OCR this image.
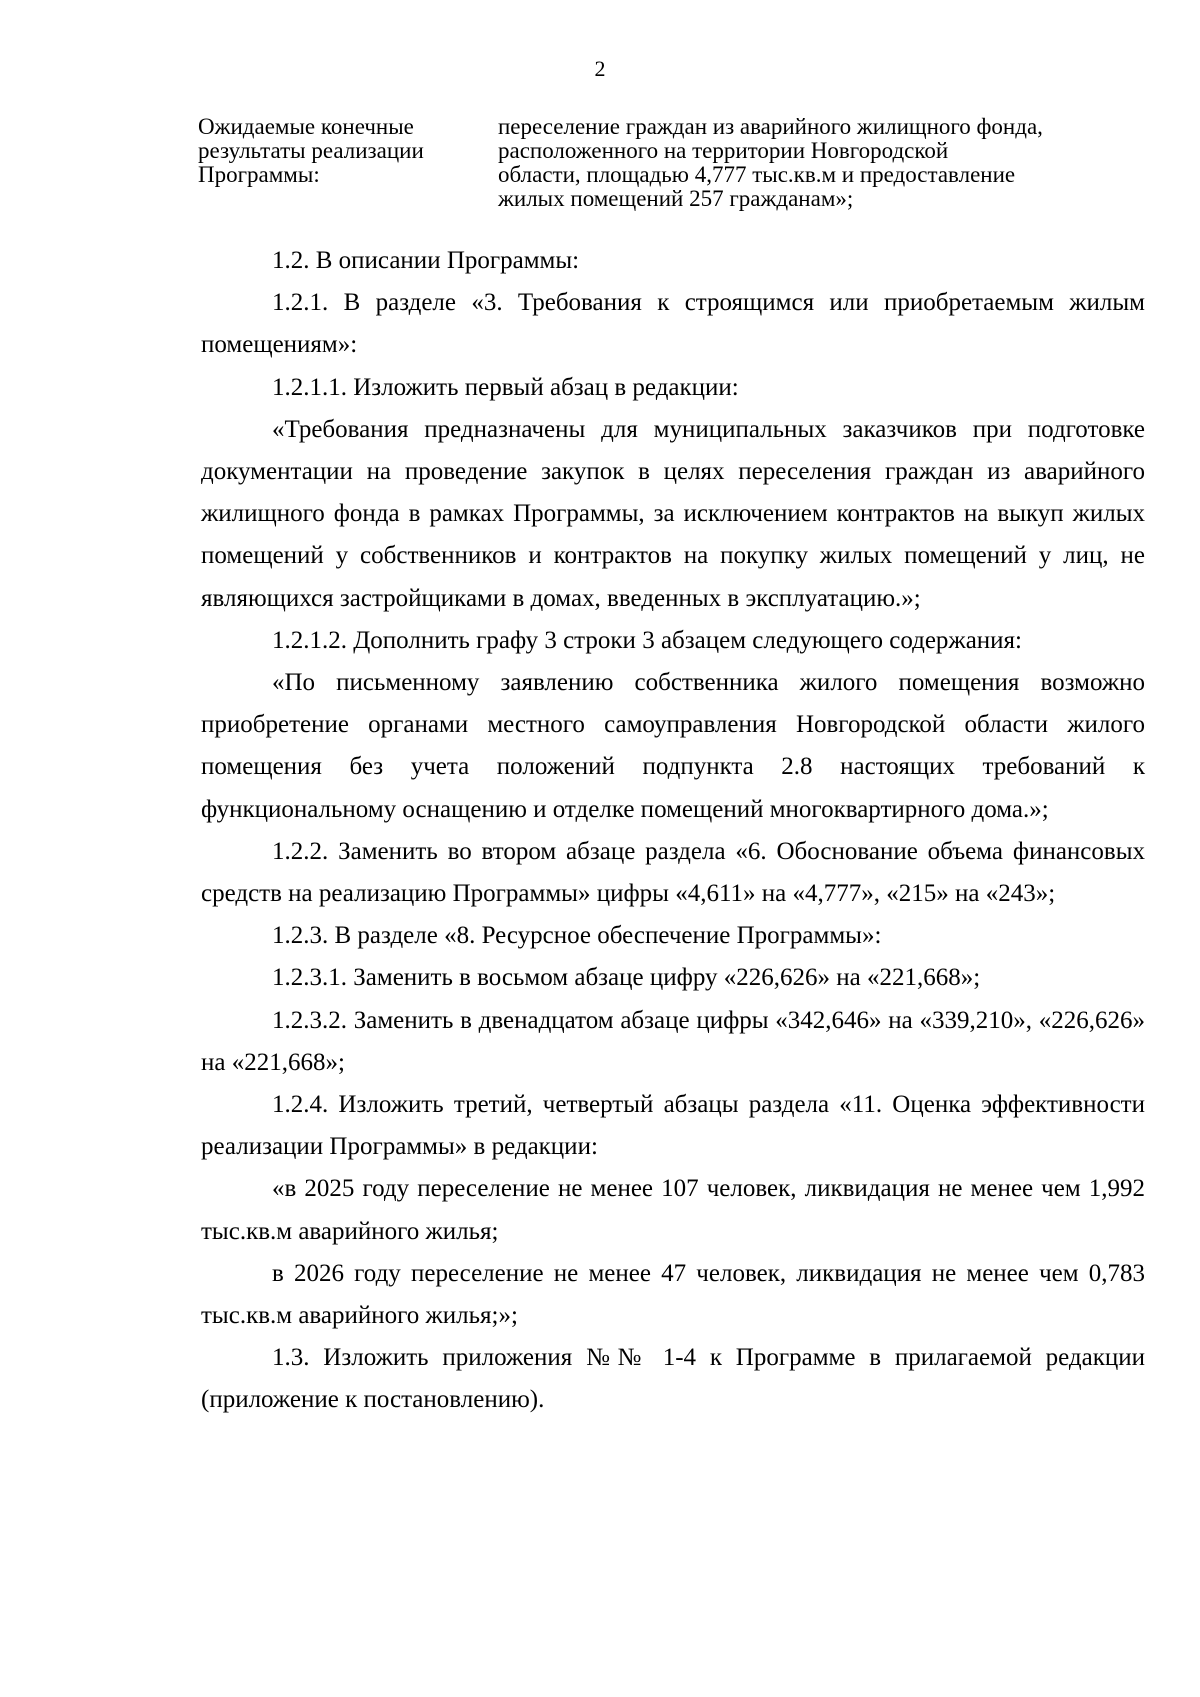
2
Ожидаемые конечные
результаты реализации
Программы:
переселение граждан из аварийного жилищного фонда,
расположенного на территории Новгородской
области, площадью 4,777 тыс.кв.м и предоставление
жилых помещений 257 гражданам»;

1.2. В описании Программы:

1.2.1. В разделе «3. Требования к строящимся или приобретаемым жилым помещениям»:

1.2.1.1. Изложить первый абзац в редакции:

«Требования предназначены для муниципальных заказчиков при подготовке документации на проведение закупок в целях переселения граждан из аварийного жилищного фонда в рамках Программы, за исключением контрактов на выкуп жилых помещений у собственников и контрактов на покупку жилых помещений у лиц, не являющихся застройщиками в домах, введенных в эксплуатацию.»;

1.2.1.2. Дополнить графу 3 строки 3 абзацем следующего содержания:

«По письменному заявлению собственника жилого помещения возможно приобретение органами местного самоуправления Новгородской области жилого помещения без учета положений подпункта 2.8 настоящих требований к функциональному оснащению и отделке помещений многоквартирного дома.»;

1.2.2. Заменить во втором абзаце раздела «6. Обоснование объема финансовых средств на реализацию Программы» цифры «4,611» на «4,777», «215» на «243»;

1.2.3. В разделе «8. Ресурсное обеспечение Программы»:

1.2.3.1. Заменить в восьмом абзаце цифру «226,626» на «221,668»;

1.2.3.2. Заменить в двенадцатом абзаце цифры «342,646» на «339,210», «226,626» на «221,668»;

1.2.4. Изложить третий, четвертый абзацы раздела «11. Оценка эффективности реализации Программы» в редакции:

«в 2025 году переселение не менее 107 человек, ликвидация не менее чем 1,992 тыс.кв.м аварийного жилья;

в 2026 году переселение не менее 47 человек, ликвидация не менее чем 0,783 тыс.кв.м аварийного жилья;»;

1.3. Изложить приложения №№ 1-4 к Программе в прилагаемой редакции (приложение к постановлению).
